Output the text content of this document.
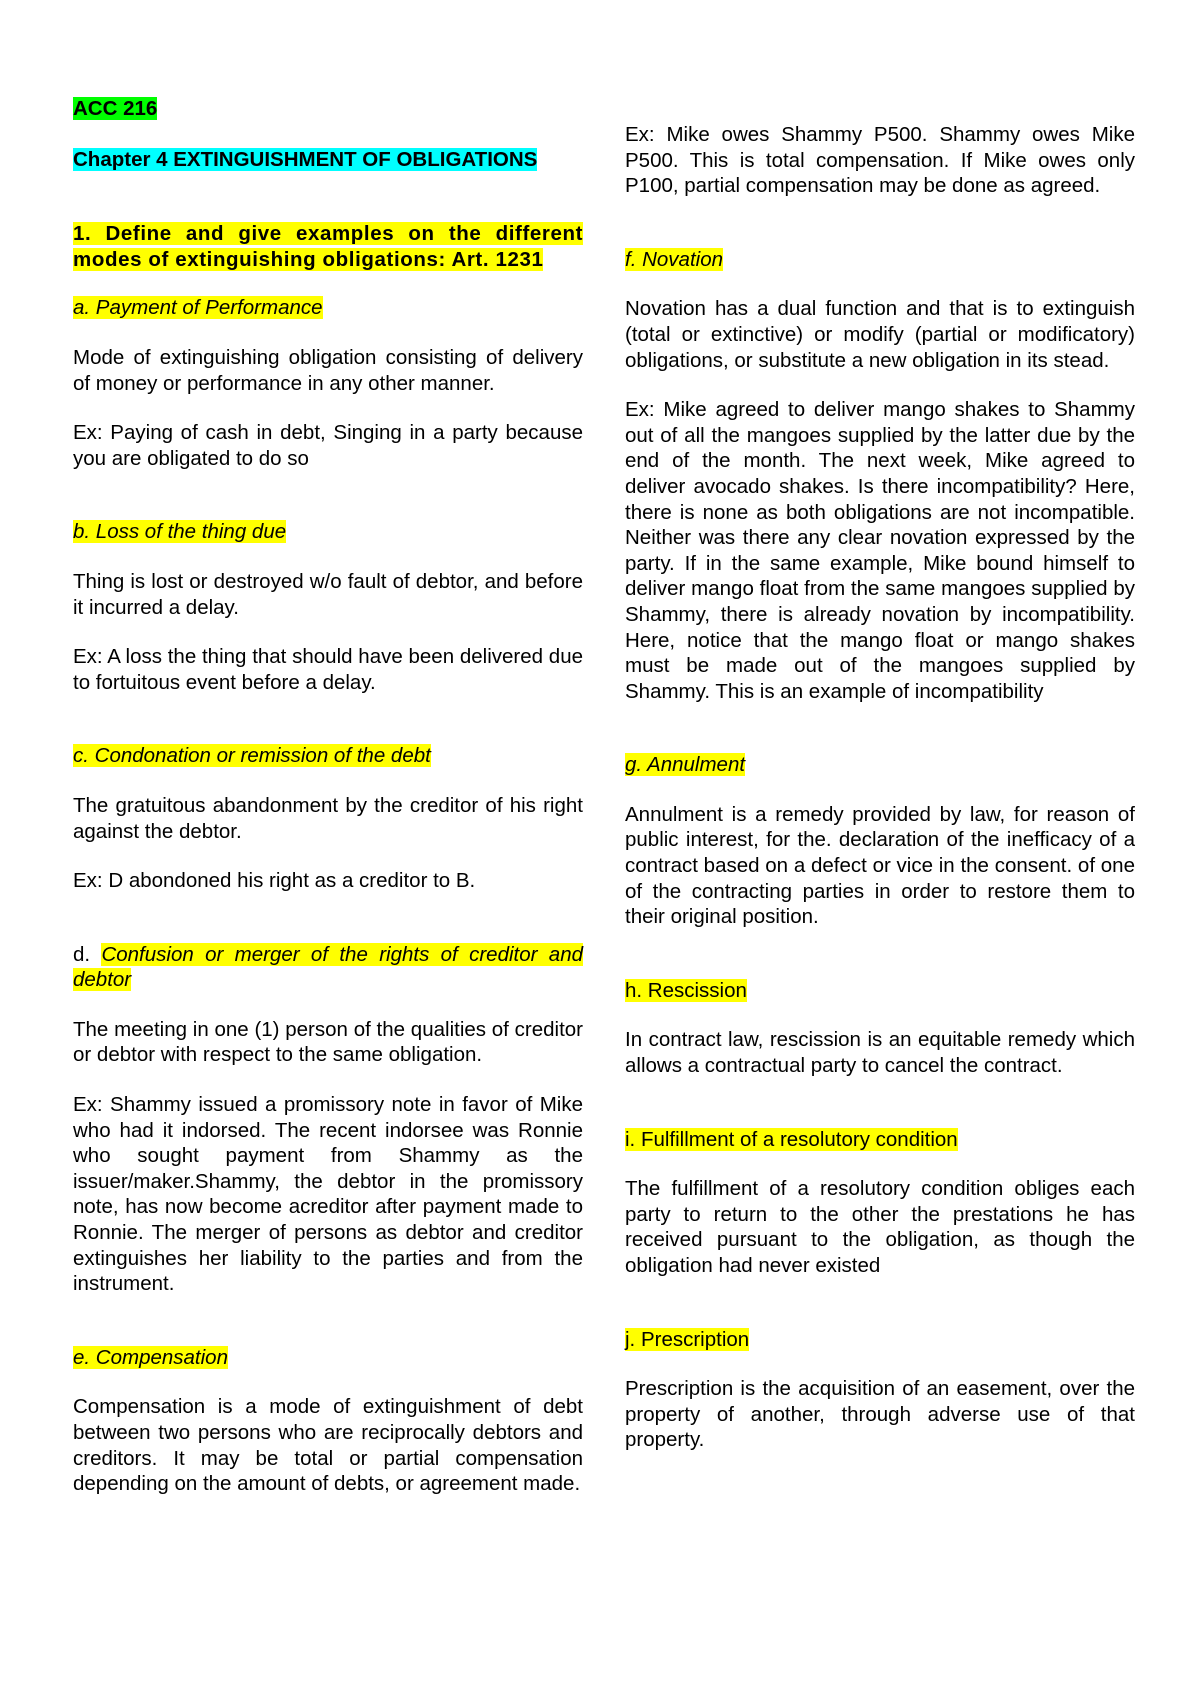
ACC 216

Chapter 4 EXTINGUISHMENT OF OBLIGATIONS

1. Define and give examples on the different modes of extinguishing obligations: Art. 1231

a. Payment of Performance

Mode of extinguishing obligation consisting of delivery of money or performance in any other manner.

Ex: Paying of cash in debt, Singing in a party because you are obligated to do so

b. Loss of the thing due

Thing is lost or destroyed w/o fault of debtor, and before it incurred a delay.

Ex: A loss the thing that should have been delivered due to fortuitous event before a delay.

c. Condonation or remission of the debt

The gratuitous abandonment by the creditor of his right against the debtor.

Ex: D abondoned his right as a creditor to B.

d. Confusion or merger of the rights of creditor and debtor

The meeting in one (1) person of the qualities of creditor or debtor with respect to the same obligation.

Ex: Shammy issued a promissory note in favor of Mike who had it indorsed. The recent indorsee was Ronnie who sought payment from Shammy as the issuer/maker.Shammy, the debtor in the promissory note, has now become acreditor after payment made to Ronnie. The merger of persons as debtor and creditor extinguishes her liability to the parties and from the instrument.

e. Compensation

Compensation is a mode of extinguishment of debt between two persons who are reciprocally debtors and creditors. It may be total or partial compensation depending on the amount of debts, or agreement made.

Ex: Mike owes Shammy P500. Shammy owes Mike P500. This is total compensation. If Mike owes only P100, partial compensation may be done as agreed.

f. Novation

Novation has a dual function and that is to extinguish (total or extinctive) or modify (partial or modificatory) obligations, or substitute a new obligation in its stead.

Ex: Mike agreed to deliver mango shakes to Shammy out of all the mangoes supplied by the latter due by the end of the month. The next week, Mike agreed to deliver avocado shakes. Is there incompatibility? Here, there is none as both obligations are not incompatible. Neither was there any clear novation expressed by the party. If in the same example, Mike bound himself to deliver mango float from the same mangoes supplied by Shammy, there is already novation by incompatibility. Here, notice that the mango float or mango shakes must be made out of the mangoes supplied by Shammy. This is an example of incompatibility

g. Annulment

Annulment is a remedy provided by law, for reason of public interest, for the. declaration of the inefficacy of a contract based on a defect or vice in the consent. of one of the contracting parties in order to restore them to their original position.

h. Rescission

In contract law, rescission is an equitable remedy which allows a contractual party to cancel the contract.

i. Fulfillment of a resolutory condition

The fulfillment of a resolutory condition obliges each party to return to the other the prestations he has received pursuant to the obligation, as though the obligation had never existed

j. Prescription

Prescription is the acquisition of an easement, over the property of another, through adverse use of that property.
